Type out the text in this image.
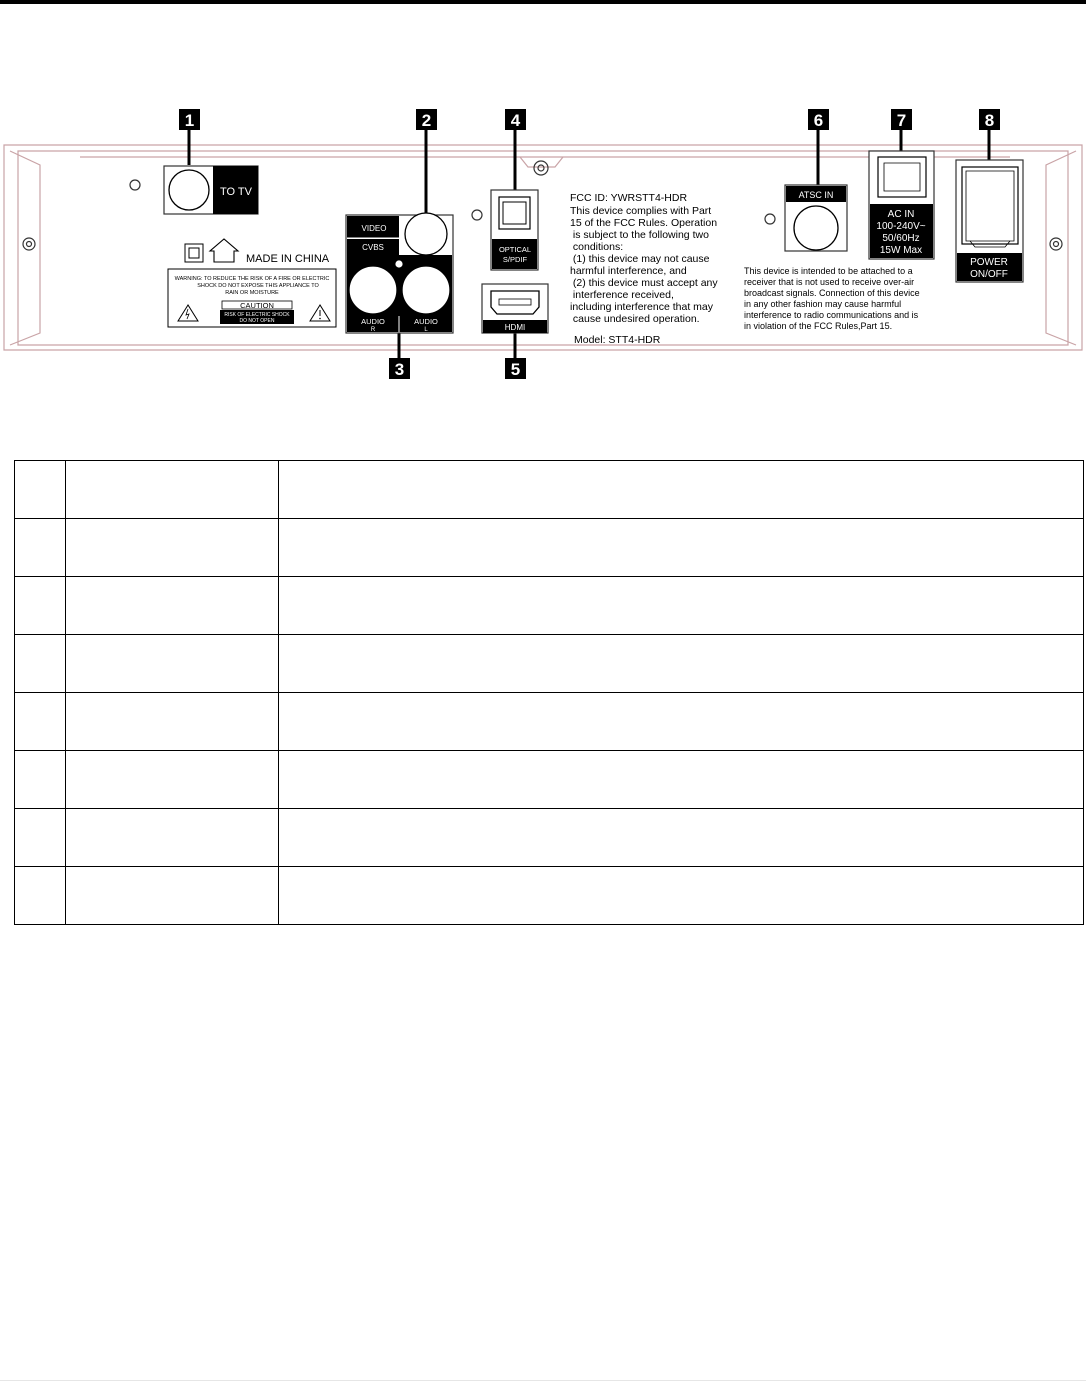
1	2
3
4
5
6	7	8
TO TV
MADE IN CHINA
WARNING: TO REDUCE THE RISK OF A FIRE OR ELECTRIC
SHOCK DO NOT EXPOSE THIS APPLIANCE TO
RAIN OR MOISTURE
CAUTION
RISK OF ELECTRIC SHOCK
DO NOT OPEN
VIDEO
CVBS
AUDIO
R
AUDIO
L
OPTICAL
S/PDIF
HDMI
FCC ID: YWRSTT4-HDR
This device complies with Part
15 of the FCC Rules. Operation
is subject to the following two
conditions:
(1) this device may not cause
harmful interference, and
(2) this device must accept any
interference received,
including interference that may
cause undesired operation.
Model: STT4-HDR
ATSC IN
This device is intended to be attached to a
receiver that is not used to receive over-air
broadcast signals. Connection of this device
in any other fashion may cause harmful
interference to radio communications and is
in violation of the FCC Rules,Part 15.
AC IN
100-240V~
50/60Hz
15W Max
POWER
ON/OFF
